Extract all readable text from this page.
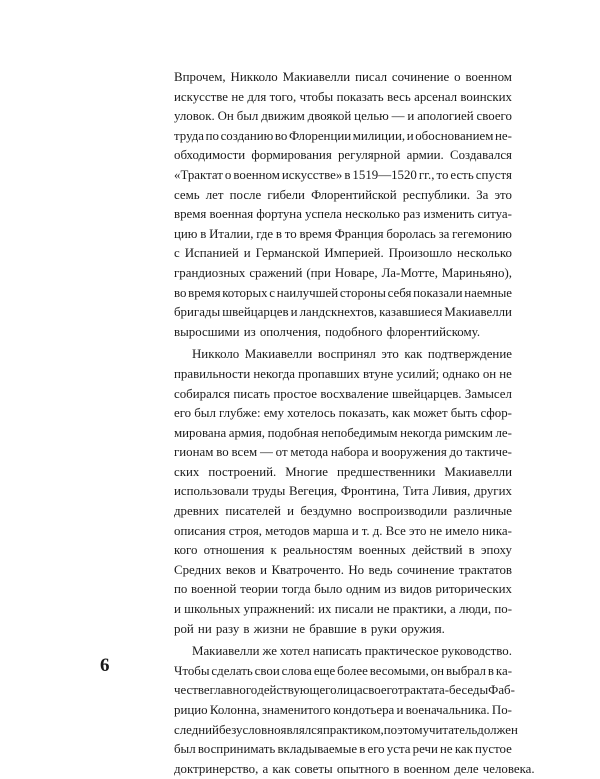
Впрочем, Никколо Макиавелли писал сочинение о военном
искусстве не для того, чтобы показать весь арсенал воинских
уловок. Он был движим двоякой целью — и апологией своего
труда по созданию во Флоренции милиции, и обоснованием не-
обходимости формирования регулярной армии. Создавался
«Трактат о военном искусстве» в 1519—1520 гг., то есть спустя
семь лет после гибели Флорентийской республики. За это
время военная фортуна успела несколько раз изменить ситуа-
цию в Италии, где в то время Франция боролась за гегемонию
с Испанией и Германской Империей. Произошло несколько
грандиозных сражений (при Новаре, Ла-Мотте, Мариньяно),
во время которых с наилучшей стороны себя показали наемные
бригады швейцарцев и ландскнехтов, казавшиеся Макиавелли
выросшими из ополчения, подобного флорентийскому.
Никколо Макиавелли воспринял это как подтверждение
правильности некогда пропавших втуне усилий; однако он не
собирался писать простое восхваление швейцарцев. Замысел
его был глубже: ему хотелось показать, как может быть сфор-
мирована армия, подобная непобедимым некогда римским ле-
гионам во всем — от метода набора и вооружения до тактиче-
ских построений. Многие предшественники Макиавелли
использовали труды Вегеция, Фронтина, Тита Ливия, других
древних писателей и бездумно воспроизводили различные
описания строя, методов марша и т. д. Все это не имело ника-
кого отношения к реальностям военных действий в эпоху
Средних веков и Кватроченто. Но ведь сочинение трактатов
по военной теории тогда было одним из видов риторических
и школьных упражнений: их писали не практики, а люди, по-
рой ни разу в жизни не бравшие в руки оружия.
Макиавелли же хотел написать практическое руководство.
Чтобы сделать свои слова еще более весомыми, он выбрал в ка-
честве главного действующего лица своего трактата-беседы Фаб-
рицио Колонна, знаменитого кондотьера и военачальника. По-
следний безусловно являлся практиком, поэтому читатель должен
был воспринимать вкладываемые в его уста речи не как пустое
доктринерство, а как советы опытного в военном деле человека.
6
